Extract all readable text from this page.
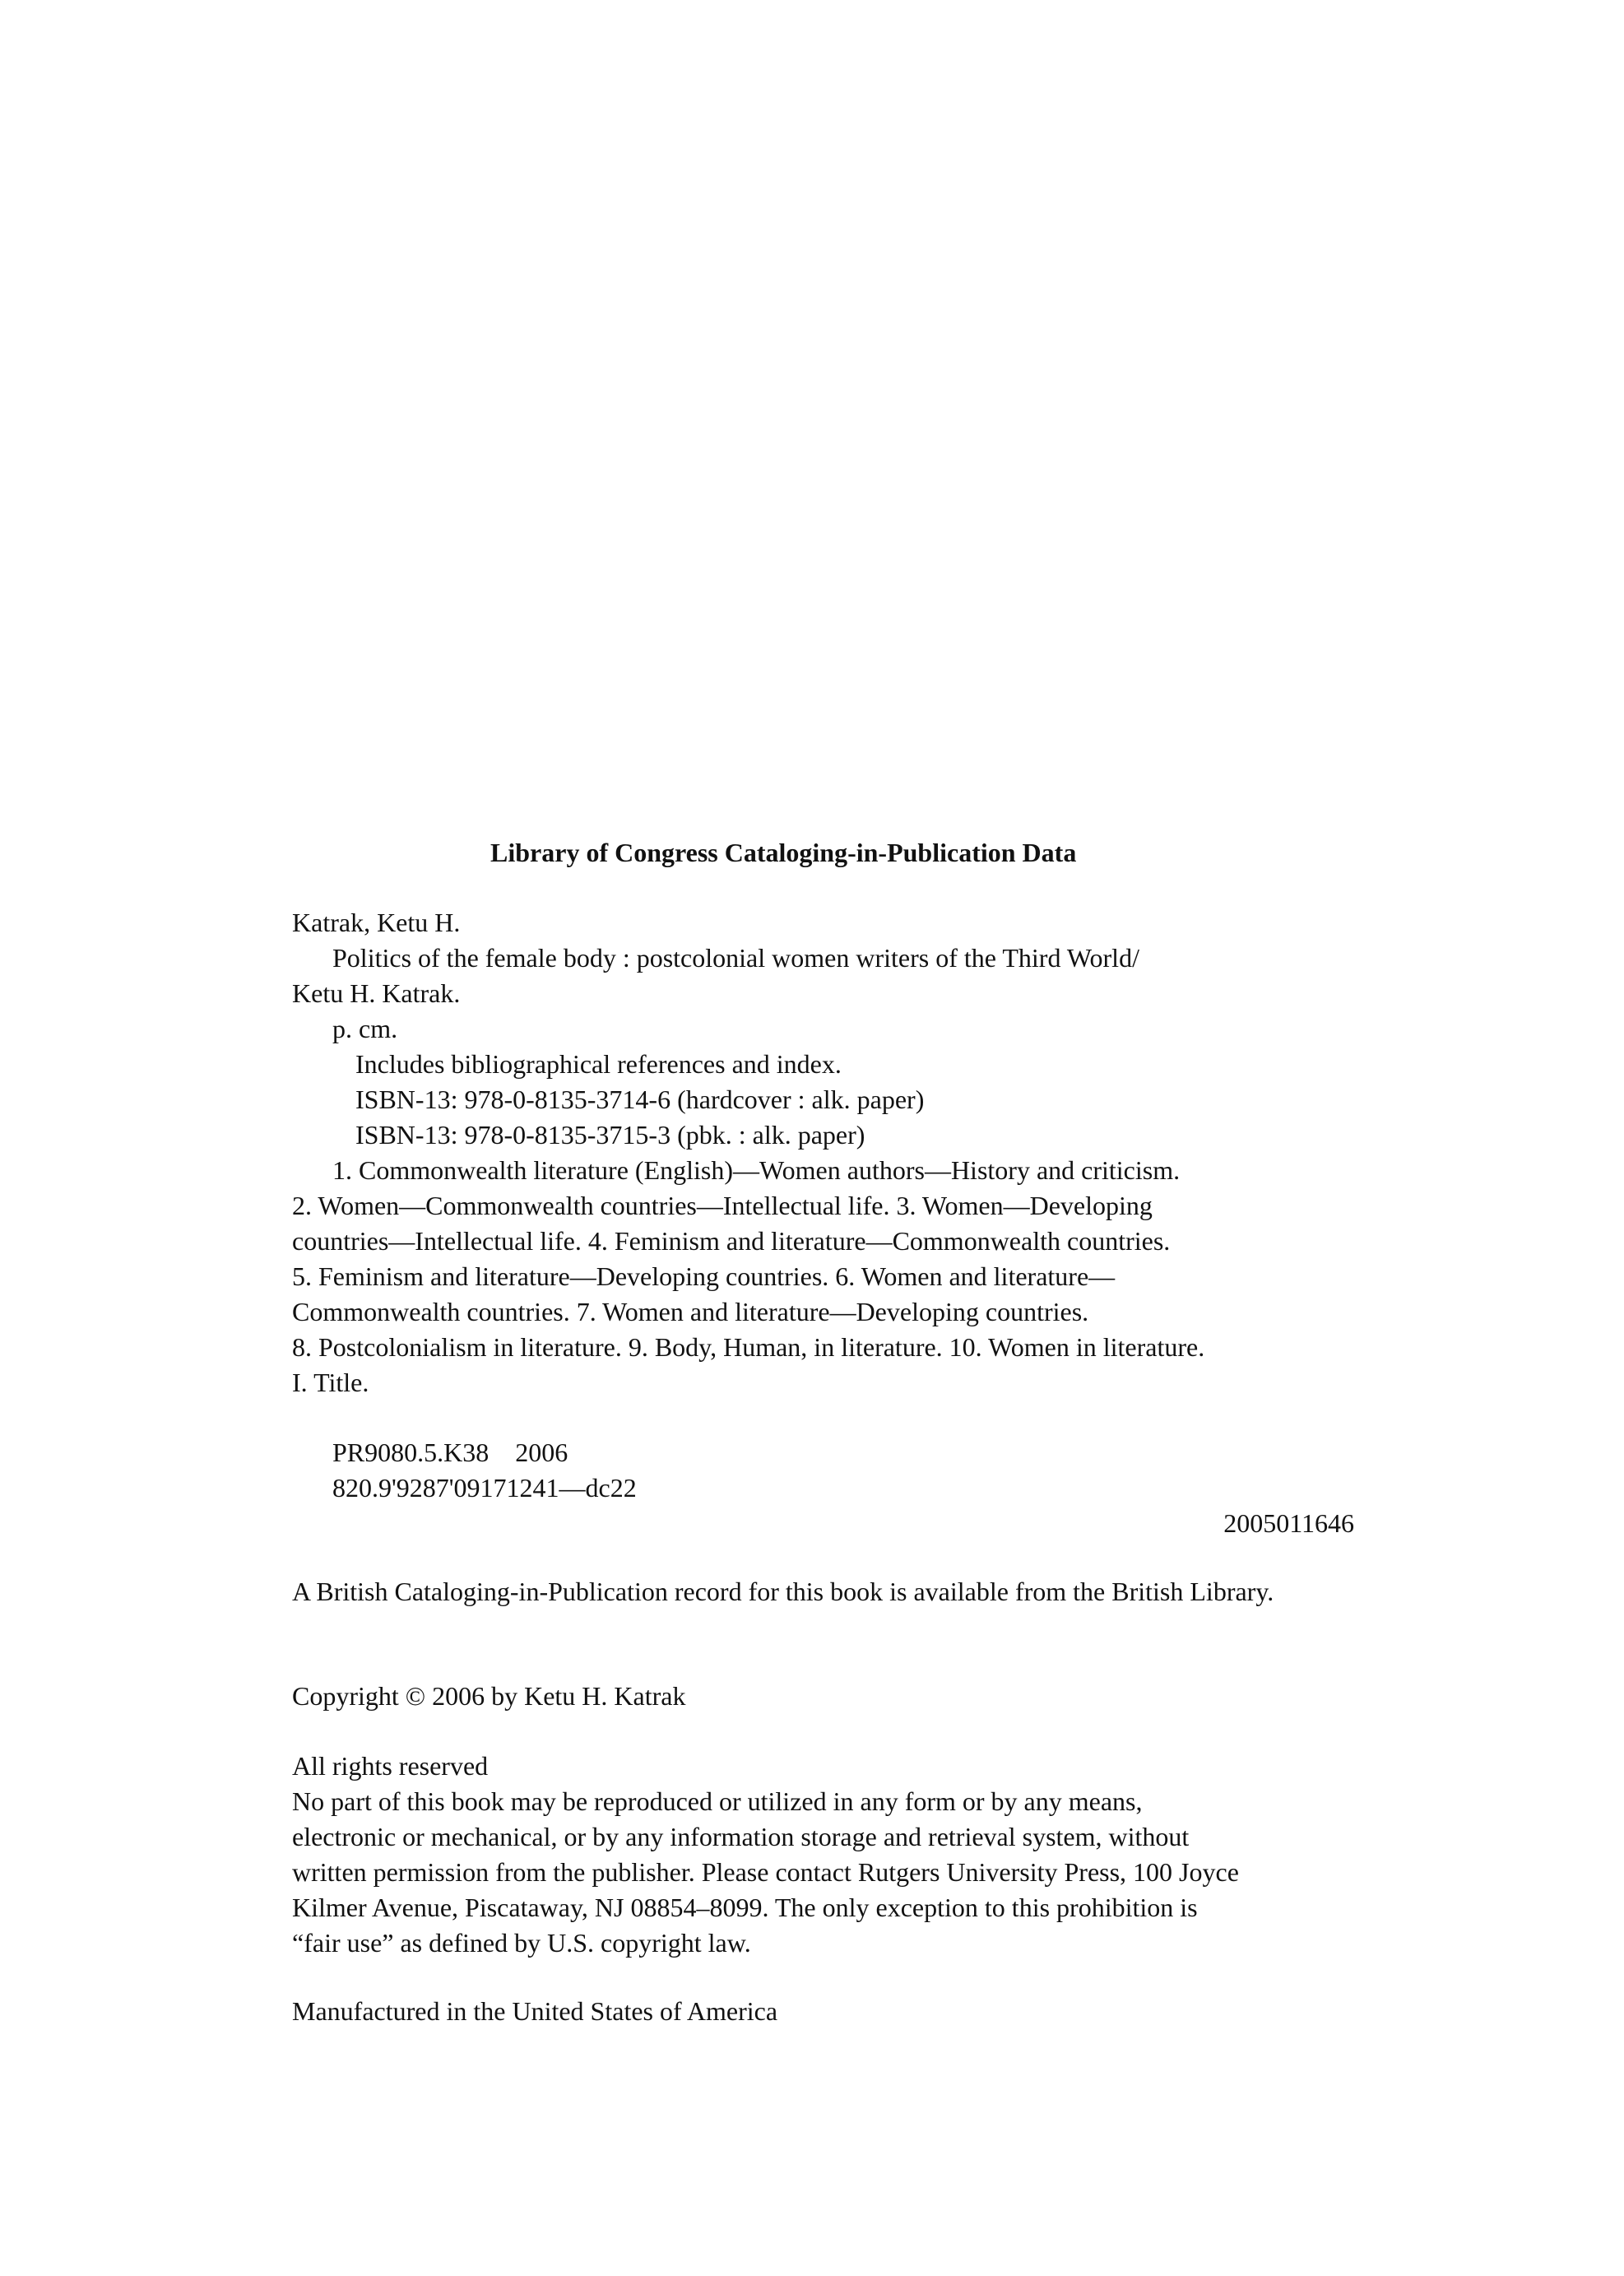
Library of Congress Cataloging-in-Publication Data
Katrak, Ketu H.
Politics of the female body : postcolonial women writers of the Third World/
Ketu H. Katrak.
p. cm.
Includes bibliographical references and index.
ISBN-13: 978-0-8135-3714-6 (hardcover : alk. paper)
ISBN-13: 978-0-8135-3715-3 (pbk. : alk. paper)
1. Commonwealth literature (English)—Women authors—History and criticism.
2. Women—Commonwealth countries—Intellectual life. 3. Women—Developing
countries—Intellectual life. 4. Feminism and literature—Commonwealth countries.
5. Feminism and literature—Developing countries. 6. Women and literature—
Commonwealth countries. 7. Women and literature—Developing countries.
8. Postcolonialism in literature. 9. Body, Human, in literature. 10. Women in literature.
I. Title.
PR9080.5.K38    2006
820.9'9287'09171241—dc22
2005011646
A British Cataloging-in-Publication record for this book is available from the British Library.
Copyright © 2006 by Ketu H. Katrak
All rights reserved
No part of this book may be reproduced or utilized in any form or by any means,
electronic or mechanical, or by any information storage and retrieval system, without
written permission from the publisher. Please contact Rutgers University Press, 100 Joyce
Kilmer Avenue, Piscataway, NJ 08854–8099. The only exception to this prohibition is
“fair use” as defined by U.S. copyright law.
Manufactured in the United States of America
